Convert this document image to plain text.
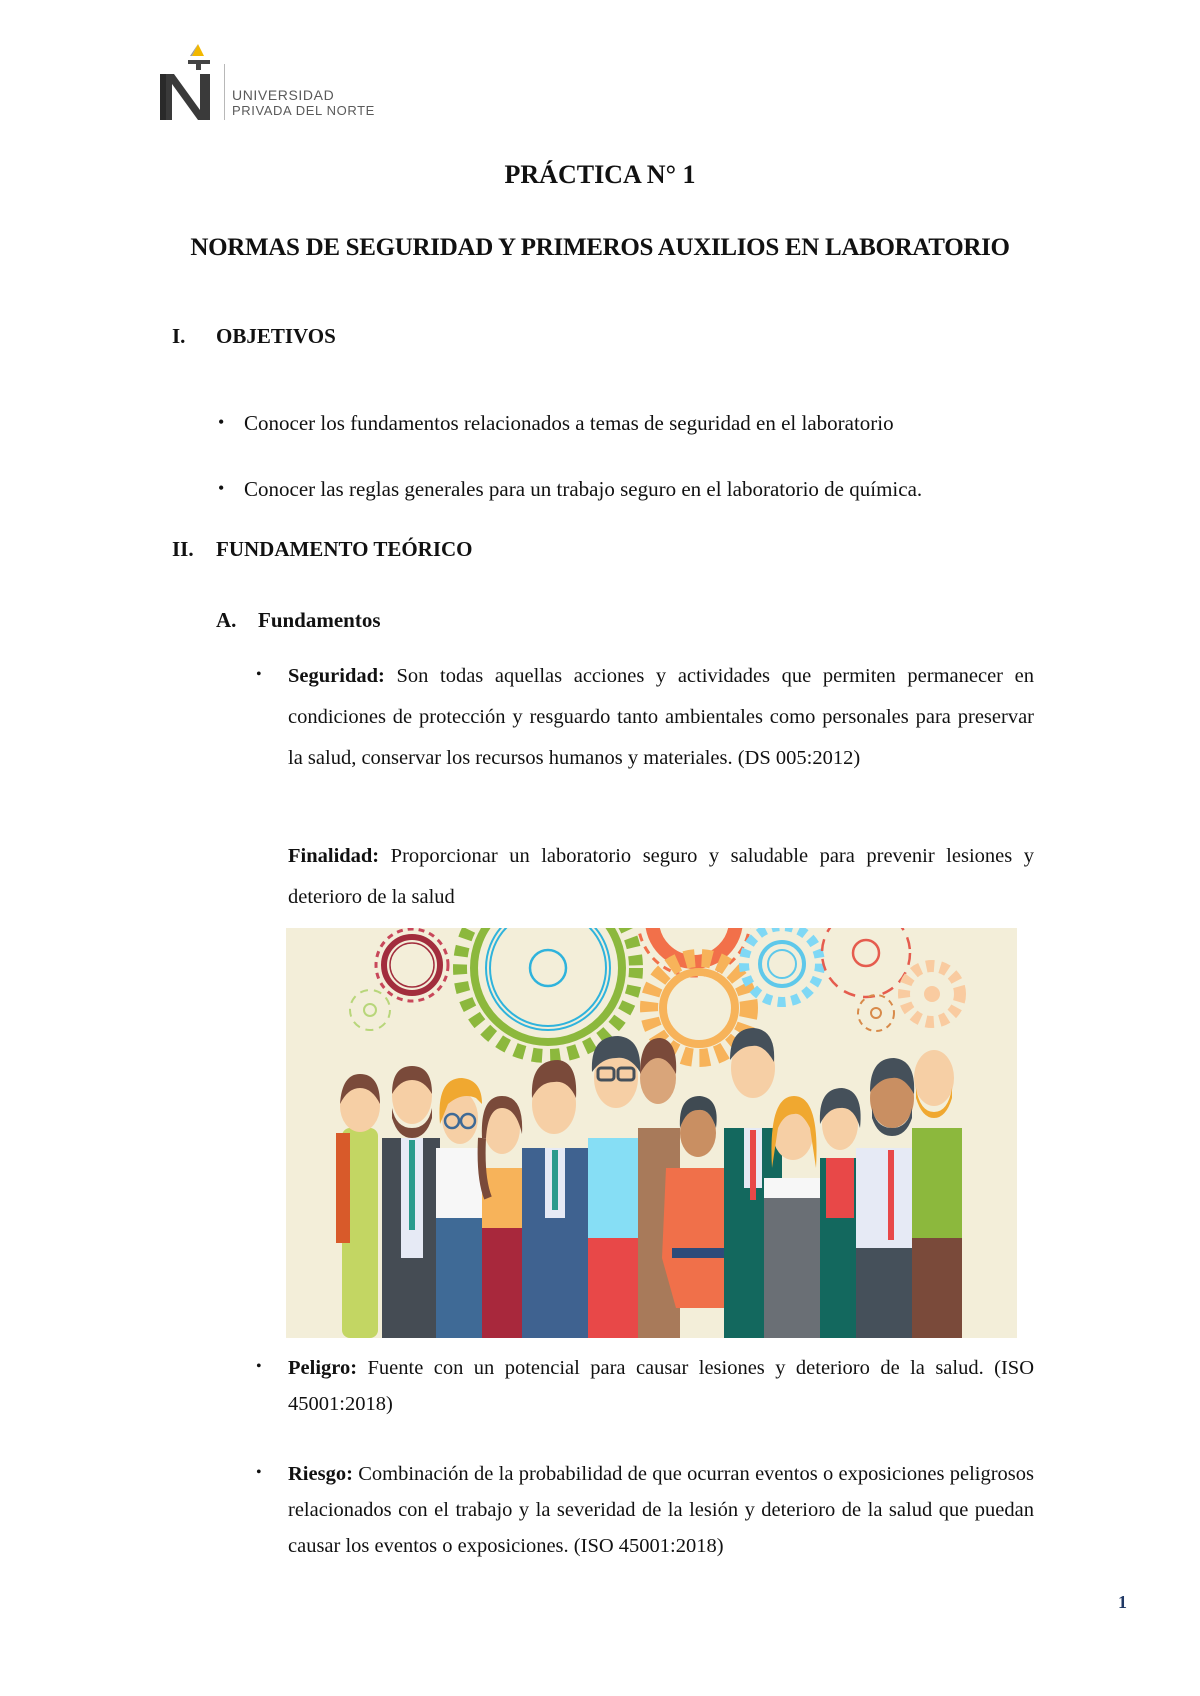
UNIVERSIDAD
PRIVADA DEL NORTE
PRÁCTICA N° 1
NORMAS DE SEGURIDAD Y PRIMEROS AUXILIOS EN LABORATORIO
I. OBJETIVOS
• Conocer los fundamentos relacionados a temas de seguridad en el laboratorio
• Conocer las reglas generales para un trabajo seguro en el laboratorio de química.
II. FUNDAMENTO TEÓRICO
A. Fundamentos
• Seguridad: Son todas aquellas acciones y actividades que permiten permanecer en condiciones de protección y resguardo tanto ambientales como personales para preservar la salud, conservar los recursos humanos y materiales. (DS 005:2012)
Finalidad: Proporcionar un laboratorio seguro y saludable para prevenir lesiones y deterioro de la salud
• Peligro: Fuente con un potencial para causar lesiones y deterioro de la salud. (ISO 45001:2018)
• Riesgo: Combinación de la probabilidad de que ocurran eventos o exposiciones peligrosos relacionados con el trabajo y la severidad de la lesión y deterioro de la salud que puedan causar los eventos o exposiciones. (ISO 45001:2018)
1
